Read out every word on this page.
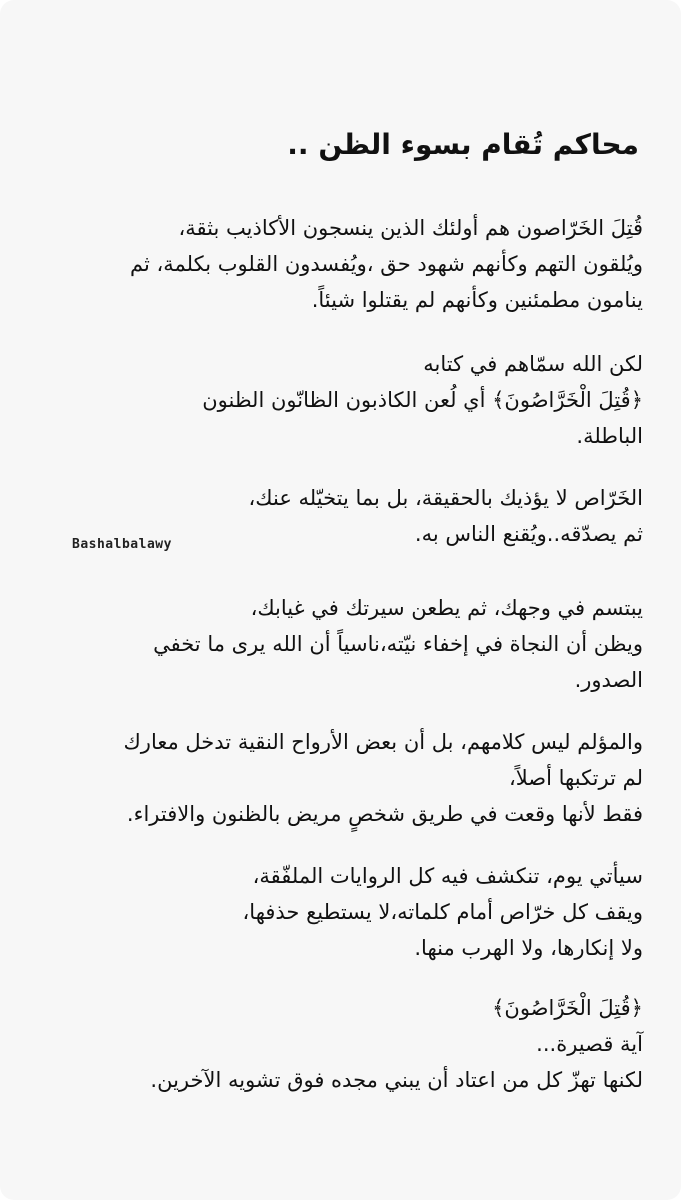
محاكم تُقام بسوء الظن ..

قُتِلَ الخَرّاصون هم أولئك الذين ينسجون الأكاذيب بثقة،
ويُلقون التهم وكأنهم شهود حق ،ويُفسدون القلوب بكلمة، ثم
ينامون مطمئنين وكأنهم لم يقتلوا شيئاً.

لكن الله سمّاهم في كتابه
﴿قُتِلَ الْخَرَّاصُونَ﴾ أي لُعن الكاذبون الظانّون الظنون
الباطلة.

الخَرّاص لا يؤذيك بالحقيقة، بل بما يتخيّله عنك،
ثم يصدّقه..ويُقنع الناس به.

Bashalbalawy

يبتسم في وجهك، ثم يطعن سيرتك في غيابك،
ويظن أن النجاة في إخفاء نيّته،ناسياً أن الله يرى ما تخفي
الصدور.

والمؤلم ليس كلامهم، بل أن بعض الأرواح النقية تدخل معارك
لم ترتكبها أصلاً،
فقط لأنها وقعت في طريق شخصٍ مريض بالظنون والافتراء.

سيأتي يوم، تنكشف فيه كل الروايات الملفّقة،
ويقف كل خرّاص أمام كلماته،لا يستطيع حذفها،
ولا إنكارها، ولا الهرب منها.

﴿قُتِلَ الْخَرَّاصُونَ﴾
آية قصيرة...
لكنها تهزّ كل من اعتاد أن يبني مجده فوق تشويه الآخرين.
